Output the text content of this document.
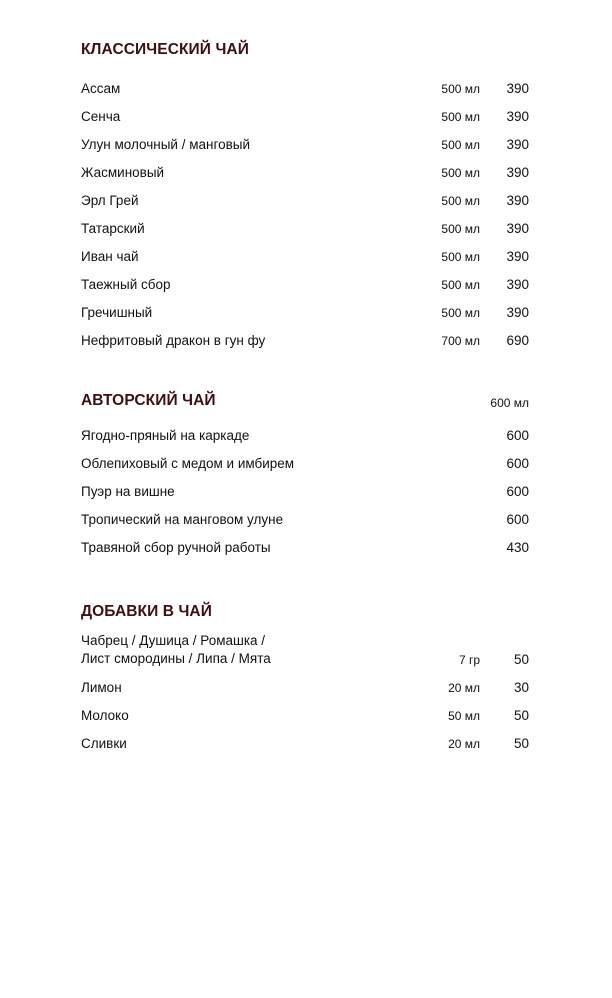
КЛАССИЧЕСКИЙ ЧАЙ
Ассам	500 мл 390
Сенча	500 мл 390
Улун молочный / манговый	500 мл 390
Жасминовый	500 мл 390
Эрл Грей	500 мл 390
Татарский	500 мл 390
Иван чай	500 мл 390
Таежный сбор	500 мл 390
Гречишный	500 мл 390
Нефритовый дракон в гун фу	700 мл 690
АВТОРСКИЙ ЧАЙ	600 мл
Ягодно-пряный на каркаде	600
Облепиховый с медом и имбирем	600
Пуэр на вишне	600
Тропический на манговом улуне	600
Травяной сбор ручной работы	430
ДОБАВКИ В ЧАЙ
Чабрец / Душица / Ромашка /
Лист смородины / Липа / Мята	7 гр	50
Лимон	20 мл	30
Молоко	50 мл	50
Сливки	20 мл	50
